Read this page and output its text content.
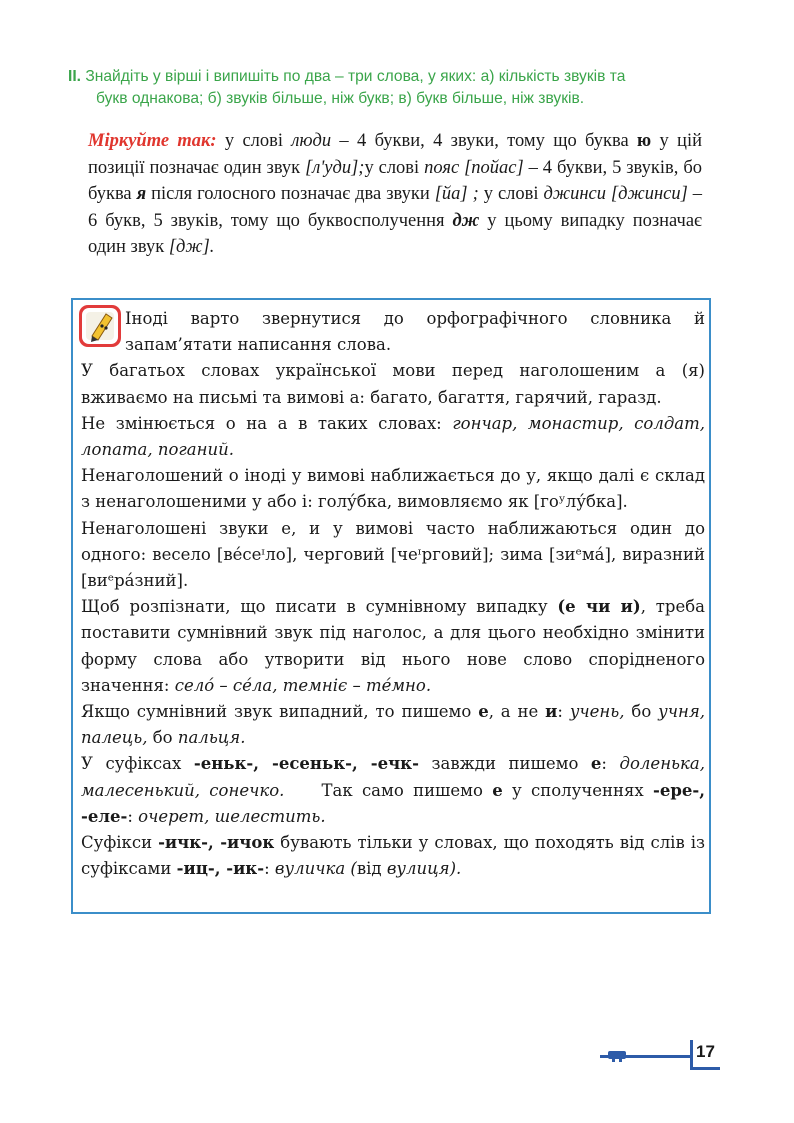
ІІ. Знайдіть у вірші і випишіть по два – три слова, у яких: а) кількість звуків та
букв однакова; б) звуків більше, ніж букв; в) букв більше, ніж звуків.
Міркуйте так: у слові люди – 4 букви, 4 звуки, тому що буква ю у цій позиції позначає один звук [л'уди];у слові пояс [пойас] – 4 букви, 5 звуків, бо буква я після голосного позначає два звуки [йа] ; у слові джинси [джинси] – 6 букв, 5 звуків, тому що буквосполучення дж у цьому випадку позначає один звук [дж].

Іноді варто звернутися до орфографічного словника й запам’ятати написання слова.

У багатьох словах української мови перед наголошеним а (я) вживаємо на письмі та вимові а: багато, багаття, гарячий, гаразд.

Не змінюється о на а в таких словах: гончар, монастир, солдат, лопата, поганий.

Ненаголошений о іноді у вимові наближається до у, якщо далі є склад з ненаголошеними у або і: голу́бка, вимовляємо як [гоʸлу́бка].

Ненаголошені звуки е, и у вимові часто наближаються один до одного: весело [ве́сеᶦло], черговий [чеᶦрговий]; зима [зиᵉма́], виразний [виᵉра́зний].

Щоб розпізнати, що писати в сумнівному випадку (е чи и), треба поставити сумнівний звук під наголос, а для цього необхідно змінити форму слова або утворити від нього нове слово спорідненого значення: село́ – се́ла, темніє – те́мно.

Якщо сумнівний звук випадний, то пишемо е, а не и: учень, бо учня, палець, бо пальця.

У суфіксах -еньк-, -есеньк-, -ечк- завжди пишемо е: доленька, малесенький, сонечко.    Так само пишемо е у сполученнях -ере-, -еле-: очерет, шелестить.

Суфікси -ичк-, -ичок бувають тільки у словах, що походять від слів із суфіксами -иц-, -ик-: вуличка (від вулиця).

17
